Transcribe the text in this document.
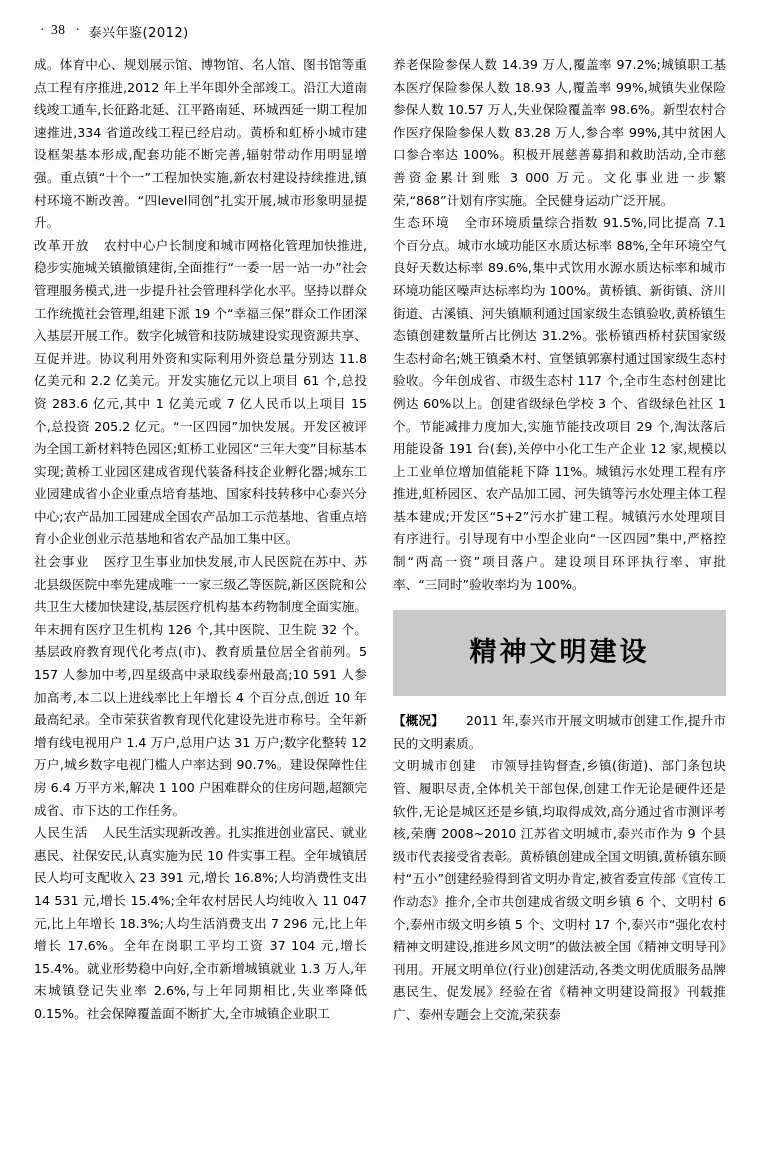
· 38 · 泰兴年鉴(2012)

成。体育中心、规划展示馆、博物馆、名人馆、图书馆等重点工程有序推进,2012 年上半年即外全部竣工。沿江大道南线竣工通车,长征路北延、江平路南延、环城西延一期工程加速推进,334 省道改线工程已经启动。黄桥和虹桥小城市建设框架基本形成,配套功能不断完善,辐射带动作用明显增强。重点镇“十个一”工程加快实施,新农村建设持续推进,镇村环境不断改善。“四level同创”扎实开展,城市形象明显提升。

改革开放 农村中心户长制度和城市网格化管理加快推进,稳步实施城关镇撤镇建街,全面推行“一委一居一站一办”社会管理服务模式,进一步提升社会管理科学化水平。坚持以群众工作统揽社会管理,组建下派 19 个“幸福三保”群众工作团深入基层开展工作。数字化城管和技防城建设实现资源共享、互促并进。协议利用外资和实际利用外资总量分别达 11.8 亿美元和 2.2 亿美元。开发实施亿元以上项目 61 个,总投资 283.6 亿元,其中 1 亿美元或 7 亿人民币以上项目 15 个,总投资 205.2 亿元。“一区四园”加快发展。开发区被评为全国工新材料特色园区;虹桥工业园区“三年大变”目标基本实现;黄桥工业园区建成省现代装备科技企业孵化器;城东工业园建成省小企业重点培育基地、国家科技转移中心泰兴分中心;农产品加工园建成全国农产品加工示范基地、省重点培育小企业创业示范基地和省农产品加工集中区。

社会事业 医疗卫生事业加快发展,市人民医院在苏中、苏北县级医院中率先建成唯一一家三级乙等医院,新区医院和公共卫生大楼加快建设,基层医疗机构基本药物制度全面实施。年末拥有医疗卫生机构 126 个,其中医院、卫生院 32 个。基层政府教育现代化考点(市)、教育质量位居全省前列。5 157 人参加中考,四星级高中录取线泰州最高;10 591 人参加高考,本二以上进线率比上年增长 4 个百分点,创近 10 年最高纪录。全市荣获省教育现代化建设先进市称号。全年新增有线电视用户 1.4 万户,总用户达 31 万户;数字化整转 12 万户,城乡数字电视门槛人户率达到 90.7%。建设保障性住房 6.4 万平方米,解决 1 100 户困难群众的住房问题,超额完成省、市下达的工作任务。

人民生活 人民生活实现新改善。扎实推进创业富民、就业惠民、社保安民,认真实施为民 10 件实事工程。全年城镇居民人均可支配收入 23 391 元,增长 16.8%;人均消费性支出 14 531 元,增长 15.4%;全年农村居民人均纯收入 11 047 元,比上年增长 18.3%;人均生活消费支出 7 296 元,比上年增长 17.6%。全年在岗职工平均工资 37 104 元,增长 15.4%。就业形势稳中向好,全市新增城镇就业 1.3 万人,年末城镇登记失业率 2.6%,与上年同期相比,失业率降低 0.15%。社会保障覆盖面不断扩大,全市城镇企业职工

养老保险参保人数 14.39 万人,覆盖率 97.2%;城镇职工基本医疗保险参保人数 18.93 人,覆盖率 99%,城镇失业保险参保人数 10.57 万人,失业保险覆盖率 98.6%。新型农村合作医疗保险参保人数 83.28 万人,参合率 99%,其中贫困人口参合率达 100%。积极开展慈善募捐和救助活动,全市慈善资金累计到账 3 000 万元。文化事业进一步繁荣,“868”计划有序实施。全民健身运动广泛开展。

生态环境 全市环境质量综合指数 91.5%,同比提高 7.1 个百分点。城市水域功能区水质达标率 88%,全年环境空气良好天数达标率 89.6%,集中式饮用水源水质达标率和城市环境功能区噪声达标率均为 100%。黄桥镇、新街镇、济川街道、古溪镇、河失镇顺利通过国家级生态镇验收,黄桥镇生态镇创建数量所占比例达 31.2%。张桥镇西桥村获国家级生态村命名;姚王镇桑木村、宣堡镇郭寨村通过国家级生态村验收。今年创成省、市级生态村 117 个,全市生态村创建比例达 60%以上。创建省级绿色学校 3 个、省级绿色社区 1 个。节能减排力度加大,实施节能技改项目 29 个,淘汰落后用能设备 191 台(套),关停中小化工生产企业 12 家,规模以上工业单位增加值能耗下降 11%。城镇污水处理工程有序推进,虹桥园区、农产品加工园、河失镇等污水处理主体工程基本建成;开发区“5+2”污水扩建工程。城镇污水处理项目有序进行。引导现有中小型企业向“一区四园”集中,严格控制“两高一资”项目落户。建设项目环评执行率、审批率、“三同时”验收率均为 100%。

精神文明建设

【概况】 2011 年,泰兴市开展文明城市创建工作,提升市民的文明素质。

文明城市创建 市领导挂钩督查,乡镇(街道)、部门条包块管、履职尽责,全体机关干部包保,创建工作无论是硬件还是软件,无论是城区还是乡镇,均取得成效,高分通过省市测评考核,荣膺 2008~2010 江苏省文明城市,泰兴市作为 9 个县级市代表接受省表彰。黄桥镇创建成全国文明镇,黄桥镇东顾村“五小”创建经验得到省文明办肯定,被省委宣传部《宣传工作动态》推介,全市共创建成省级文明乡镇 6 个、文明村 6 个,泰州市级文明乡镇 5 个、文明村 17 个,泰兴市“强化农村精神文明建设,推进乡风文明”的做法被全国《精神文明导刊》刊用。开展文明单位(行业)创建活动,各类文明优质服务品牌惠民生、促发展》经验在省《精神文明建设简报》刊载推广、泰州专题会上交流,荣获泰
